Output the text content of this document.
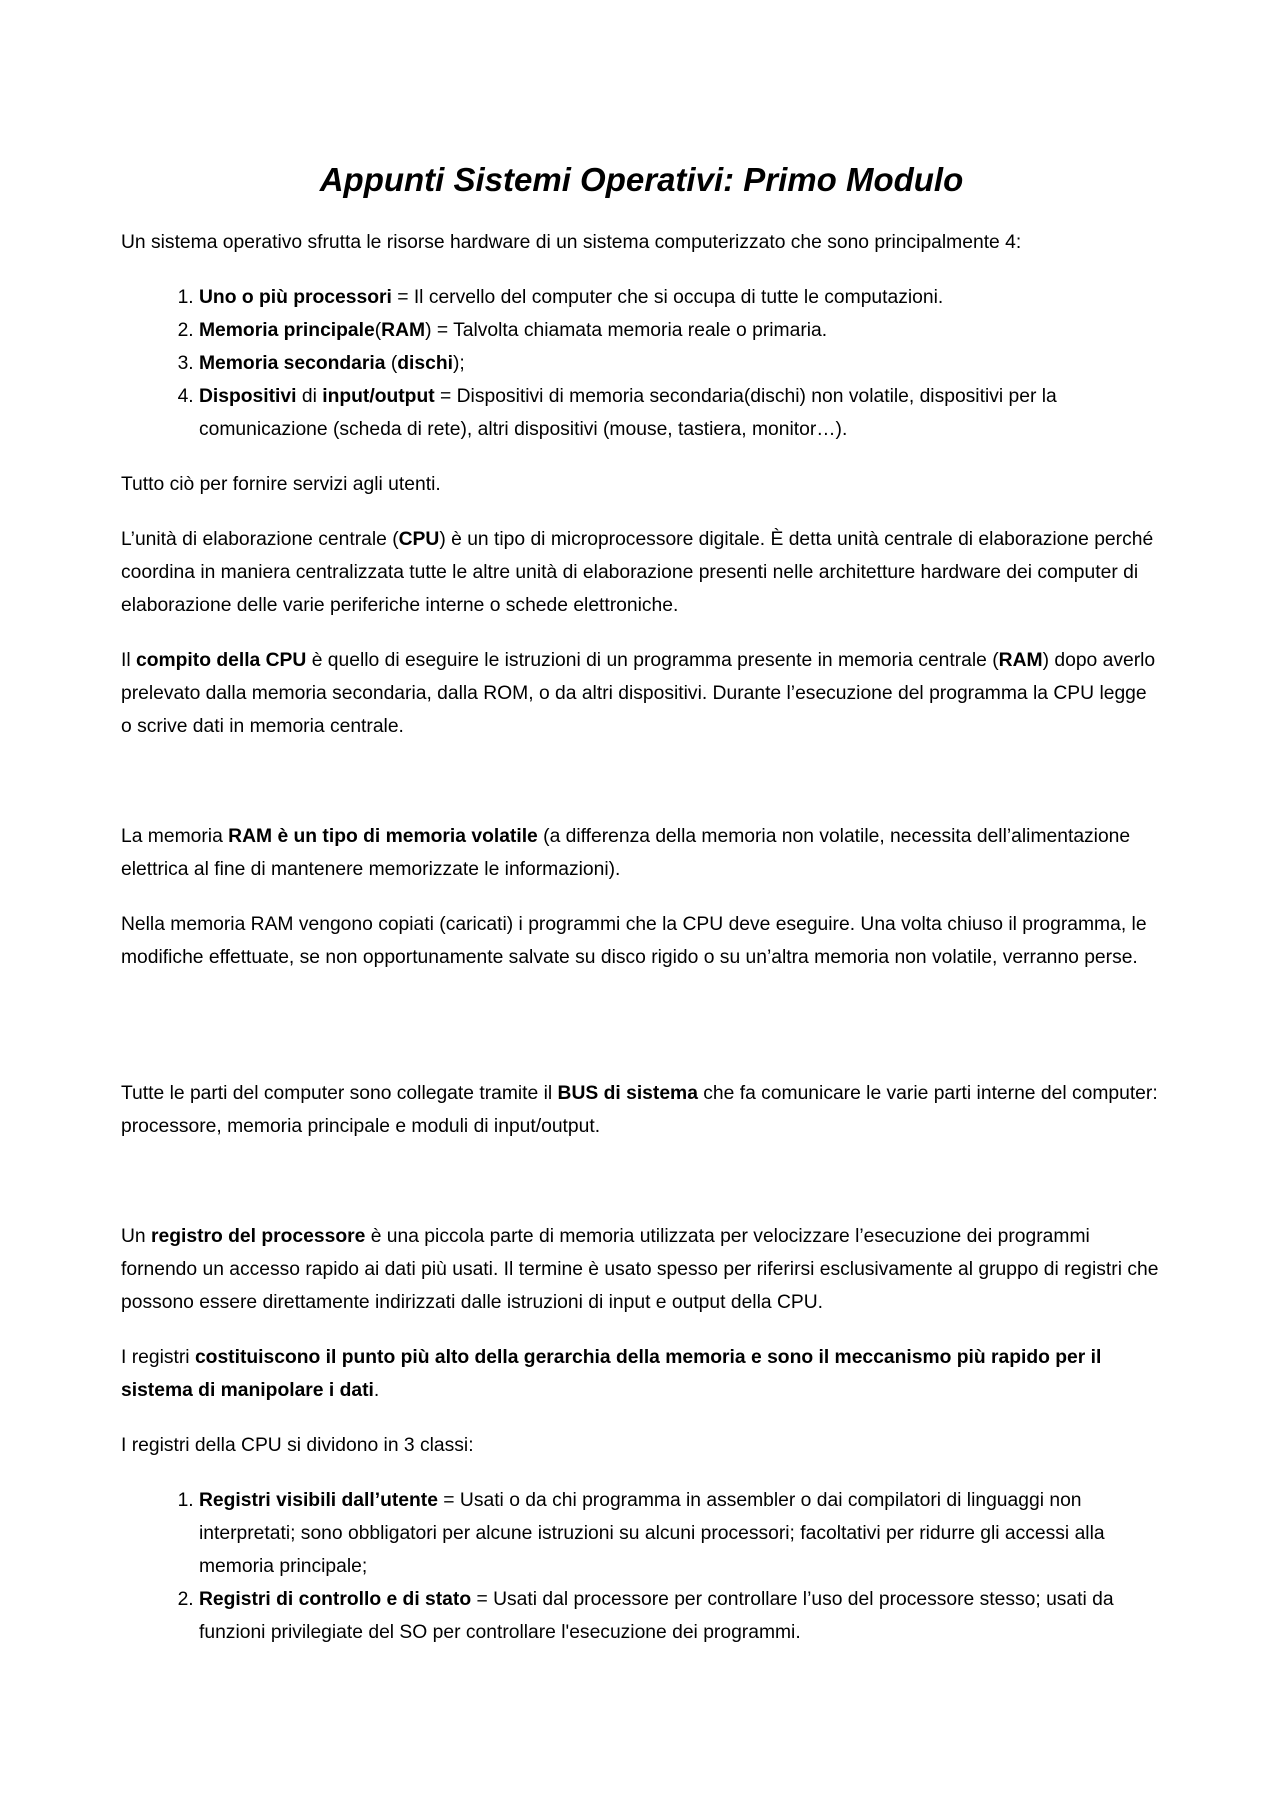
Appunti Sistemi Operativi: Primo Modulo

Un sistema operativo sfrutta le risorse hardware di un sistema computerizzato che sono principalmente 4:

1. Uno o più processori = Il cervello del computer che si occupa di tutte le computazioni.
2. Memoria principale(RAM) = Talvolta chiamata memoria reale o primaria.
3. Memoria secondaria (dischi);
4. Dispositivi di input/output = Dispositivi di memoria secondaria(dischi) non volatile, dispositivi per la comunicazione (scheda di rete), altri dispositivi (mouse, tastiera, monitor…).

Tutto ciò per fornire servizi agli utenti.

L’unità di elaborazione centrale (CPU) è un tipo di microprocessore digitale. È detta unità centrale di elaborazione perché coordina in maniera centralizzata tutte le altre unità di elaborazione presenti nelle architetture hardware dei computer di elaborazione delle varie periferiche interne o schede elettroniche.

Il compito della CPU è quello di eseguire le istruzioni di un programma presente in memoria centrale (RAM) dopo averlo prelevato dalla memoria secondaria, dalla ROM, o da altri dispositivi. Durante l’esecuzione del programma la CPU legge o scrive dati in memoria centrale.

La memoria RAM è un tipo di memoria volatile (a differenza della memoria non volatile, necessita dell’alimentazione elettrica al fine di mantenere memorizzate le informazioni).

Nella memoria RAM vengono copiati (caricati) i programmi che la CPU deve eseguire. Una volta chiuso il programma, le modifiche effettuate, se non opportunamente salvate su disco rigido o su un’altra memoria non volatile, verranno perse.

Tutte le parti del computer sono collegate tramite il BUS di sistema che fa comunicare le varie parti interne del computer: processore, memoria principale e moduli di input/output.

Un registro del processore è una piccola parte di memoria utilizzata per velocizzare l’esecuzione dei programmi fornendo un accesso rapido ai dati più usati. Il termine è usato spesso per riferirsi esclusivamente al gruppo di registri che possono essere direttamente indirizzati dalle istruzioni di input e output della CPU.

I registri costituiscono il punto più alto della gerarchia della memoria e sono il meccanismo più rapido per il sistema di manipolare i dati.

I registri della CPU si dividono in 3 classi:

1. Registri visibili dall’utente = Usati o da chi programma in assembler o dai compilatori di linguaggi non interpretati; sono obbligatori per alcune istruzioni su alcuni processori; facoltativi per ridurre gli accessi alla memoria principale;
2. Registri di controllo e di stato = Usati dal processore per controllare l’uso del processore stesso; usati da funzioni privilegiate del SO per controllare l'esecuzione dei programmi.
